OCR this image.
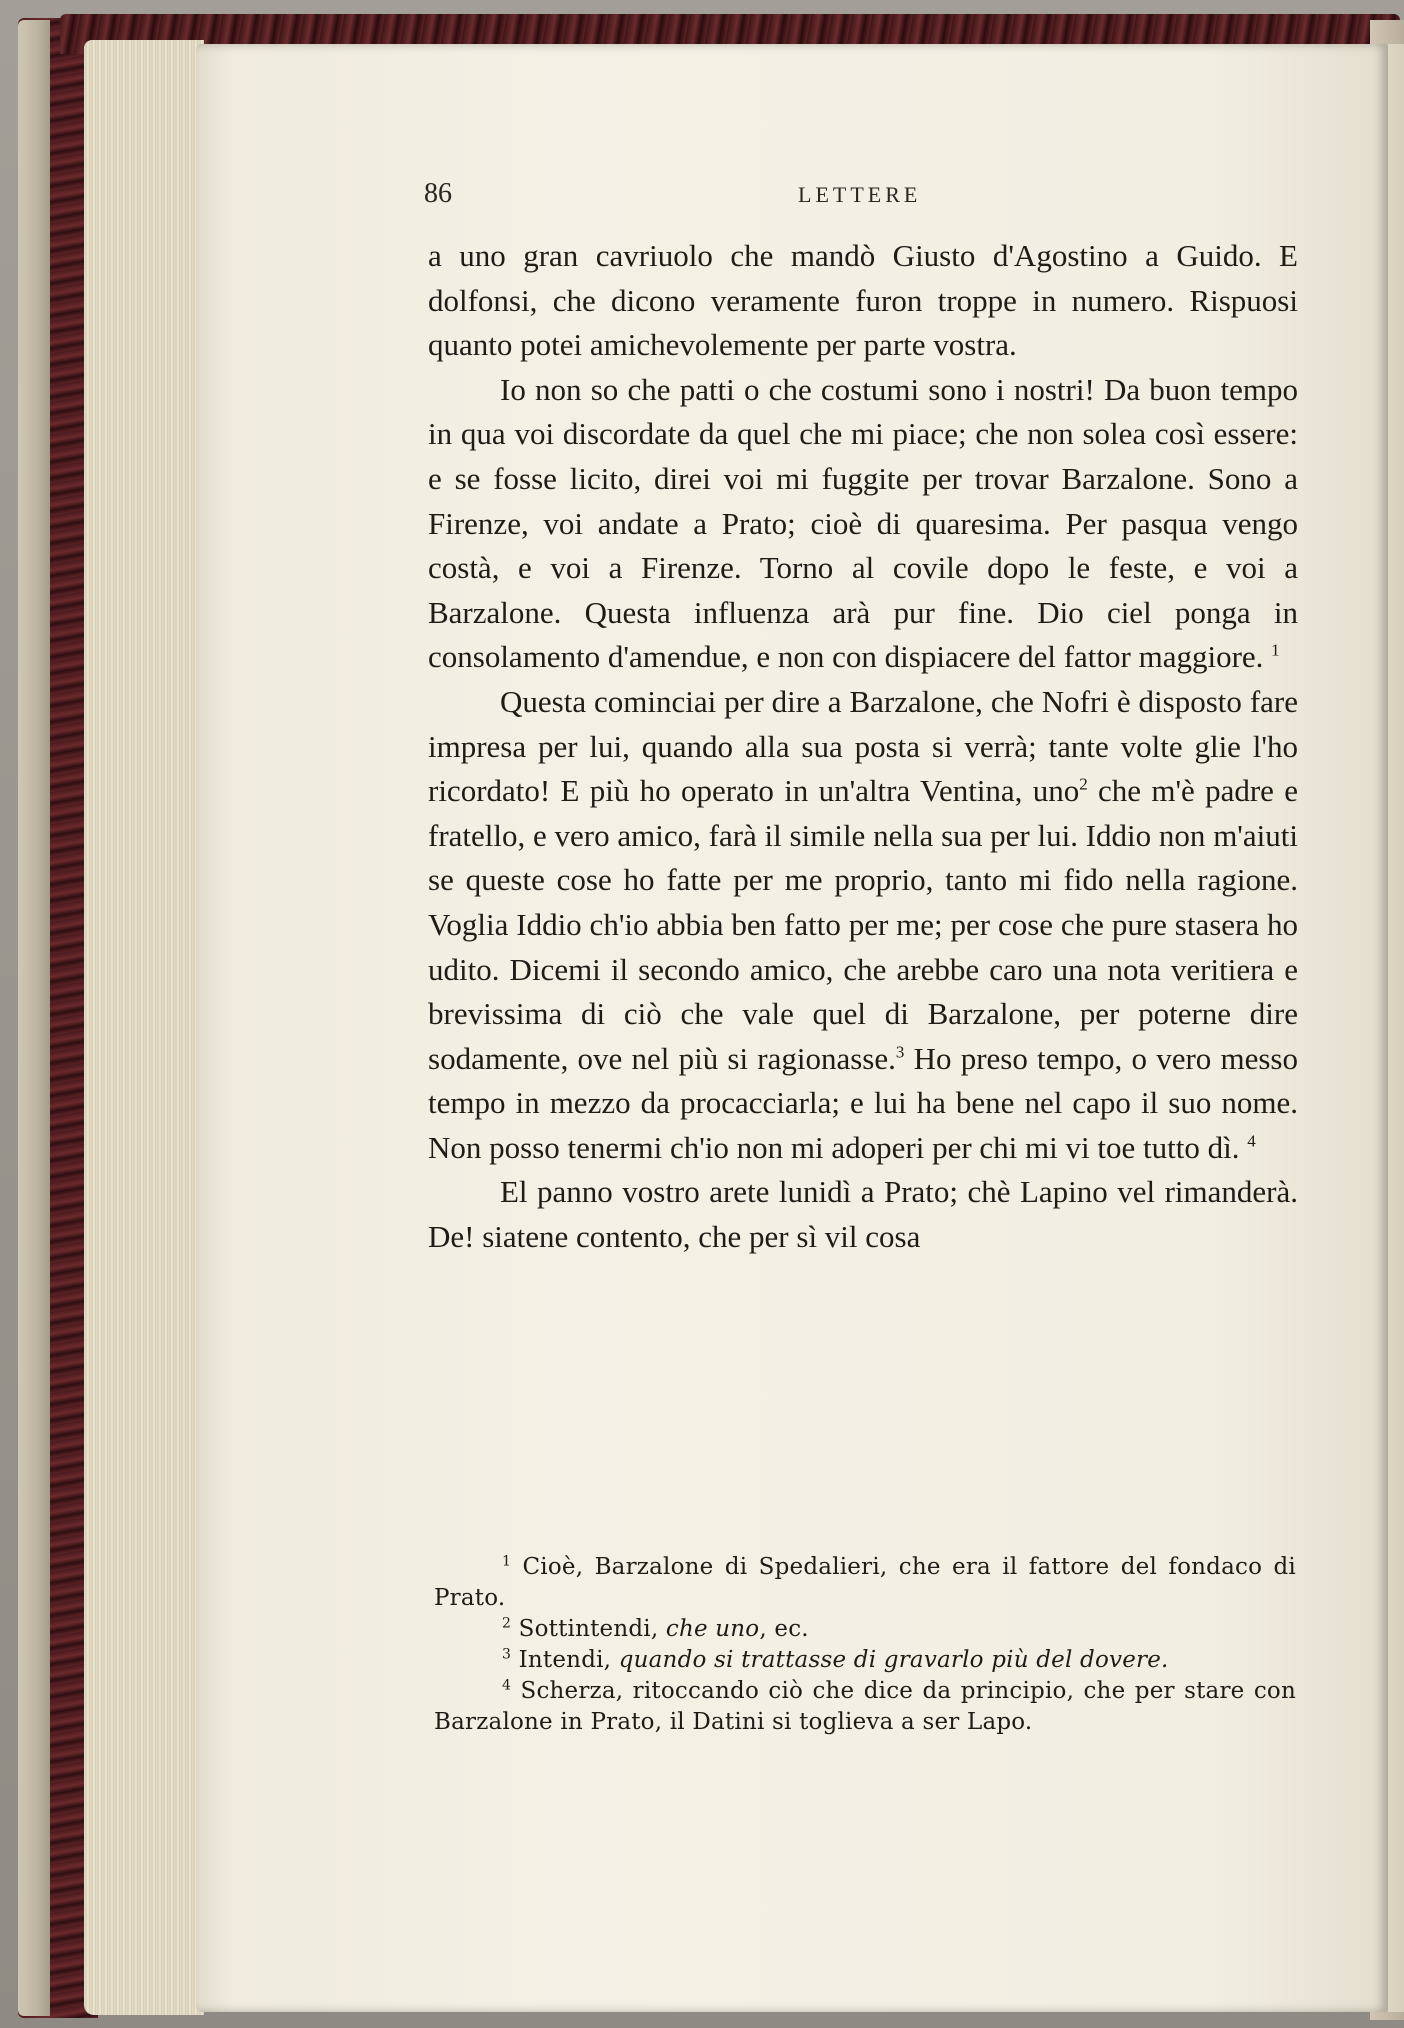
86	LETTERE

a uno gran cavriuolo che mandò Giusto d'Agostino a Guido. E dolfonsi, che dicono veramente furon troppe in numero. Rispuosi quanto potei amichevolemente per parte vostra.

Io non so che patti o che costumi sono i nostri! Da buon tempo in qua voi discordate da quel che mi piace; che non solea così essere: e se fosse licito, direi voi mi fuggite per trovar Barzalone. Sono a Firenze, voi andate a Prato; cioè di quaresima. Per pasqua vengo costà, e voi a Firenze. Torno al covile dopo le feste, e voi a Barzalone. Questa influenza arà pur fine. Dio ciel ponga in consolamento d'amendue, e non con dispiacere del fattor maggiore. $^1$

Questa cominciai per dire a Barzalone, che Nofri è disposto fare impresa per lui, quando alla sua posta si verrà; tante volte glie l'ho ricordato! E più ho operato in un'altra Ventina, uno$^2$ che m'è padre e fratello, e vero amico, farà il simile nella sua per lui. Iddio non m'aiuti se queste cose ho fatte per me proprio, tanto mi fido nella ragione. Voglia Iddio ch'io abbia ben fatto per me; per cose che pure stasera ho udito. Dicemi il secondo amico, che arebbe caro una nota veritiera e brevissima di ciò che vale quel di Barzalone, per poterne dire sodamente, ove nel più si ragionasse.$^3$ Ho preso tempo, o vero messo tempo in mezzo da procacciarla; e lui ha bene nel capo il suo nome. Non posso tenermi ch'io non mi adoperi per chi mi vi toe tutto dì. $^4$

El panno vostro arete lunidì a Prato; chè Lapino vel rimanderà. De! siatene contento, che per sì vil cosa

$^1$ Cioè, Barzalone di Spedalieri, che era il fattore del fondaco di Prato.

$^2$ Sottintendi, che uno, ec.

$^3$ Intendi, quando si trattasse di gravarlo più del dovere.

$^4$ Scherza, ritoccando ciò che dice da principio, che per stare con Barzalone in Prato, il Datini si toglieva a ser Lapo.
